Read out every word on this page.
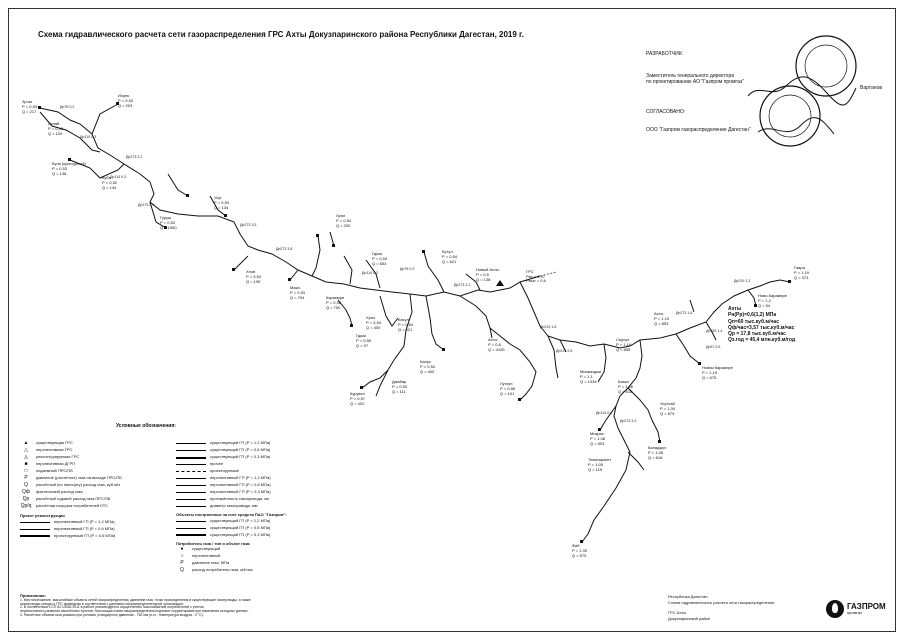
Схема гидравлического расчета сети газораспределения ГРС Ахты Докузпаринского района Республики Дагестан, 2019 г.
Зрчаг
Р = 0,53
Q = 217
Ахпай
Р = 0,53
Q = 100
Ихрек
Р = 0,53
Q = 203
Кули (культурный)
Р = 0,53
Q = 138
Куба
Р = 0,52
Q = 144
Гуруш
Р = 0,53
Q = 1550
Усуг
Р = 0,53
Q = 134
Хнов
Р = 0,54
Q = 195
Мака
Р = 0,53
Q = 754
Хрюг
Р = 0,54
Q = 200
Каракюре
Р = 0,58
Q = 750
Гдым
Р = 0,54
Q = 653
Кахул
Р = 0,54
Q = 621
Бутул
Р = 0,54
Q = 621
Новый Ахты
Р = 0,5
Q = 138
Хрюг
Р = 0,54
Q = 400
Гдым
Р = 0,56
Q = 97
Калук
Р = 0,54
Q = 400
Курукал
Р = 0,57
Q = 402
Джабар
Р = 0,53
Q = 111
Ахты
Р = 0,6
Q = 4155
Луткун
Р = 0,58
Q = 101
Мискинджа
Р = 1,1
Q = 1034
Ахты
Р = 1,19
Q = 853
Смугул
Р = 1,16
Q = 855
Ново-Каракюре
Р = 1,2
Q = 54
Гаара
Р = 1,19
Q = 373
Новая Каракюре
Р = 1,19
Q = 675
Микрах
Р = 1,08
Q = 503
Текипиркент
Р = 1,05
Q = 119
Фий
Р = 1,05
Q = 675
Усухчай
Р = 1,04
Q = 879
Каладжух
Р = 1,06
Q = 618
Кахка
Р = 1,06
Q = 618
Дн76 0,2
Дн110 0,3
Дн114 0,3
Дн273 2,2
Дн273 5,4
Дн273 3,5
Дн273 3,6
Дн114 0,2
Дн76 0,3
Дн273 2,1
Дн219 1,8
Дн219 2,5
Дн273 1,6
Дн159 1,4
Дн114 0,4
Дн273 3,3
Дн219 1,3
Дн57 0,5
ГРС
Рвх = 0,97
Рвых = 0,6
Ахты
Рн(Рр)=0,6(1,2) МПа
Qп=60 тыс.куб.м/час
Qф/час=3,57 тыс.куб.м/час
Qр = 17,8 тыс.куб.м/час
Qз.год = 45,4 млн.куб.м/год
РАЗРАБОТЧИК:
Заместитель генерального директора
по проектированию АО "Газпром промгаз"
Вартанов
СОГЛАСОВАНО:
ООО "Газпром газораспределение Дагестан"
Условные обозначения:
▲	существующая ГРС
△	перспективная ГРС
◬	реконструируемая ГРС
■	перспективная ДГРП
□	подземный ПРС/ПБ
Р	давление (расчётное) газа на выходе ПРС/ПБ
Q	расчётный (по паспорту) расход газа, куб.м/ч
Qф	фактический расход газа
Qр	расчётный годовой расход газа ПРС/ПБ
Qр/q расчётная нагрузка потребителей ГРС
Проект реконструкции
перспективный ГП (Р = 1,2 МПа)
перспективный ГП (Р = 0,6 МПа)
проектируемый ГП (Р = 0,6 МПа)
существующий ГП (Р = 1,2 МПа)
существующий ГП (Р = 0,6 МПа)
существующий ГП (Р = 0,3 МПа)
прочее
проектируемые
перспективный ГП (Р = 1,2 МПа)
перспективный ГП (Р = 0,6 МПа)
перспективный ГП (Р = 0,3 МПа)
протяжённость газопровода, км
диаметр газопровода, мм
Объекты построенные за счет средств ПАО "Газпром":
существующий ГП (Р = 1,2 МПа)
существующий ГП (Р = 0,6 МПа)
существующий ГП (Р = 0,3 МПа)
Потребитель газа / тип и объект газа:
●	существующий
○	перспективный
Р	давление газа, МПа
Q	расход потребителя газа, м3/час
Примечания:
1. Местоположение, масштабные объекты сетей газораспределения, давление газа, точки присоединения в существующие газопроводы, а также
газопроводы-отводы и ГРС приведены в соответствии с данными газораспределительной организации.
2. В соответствии с СП 62.13330.2011 в работе рекомендуется осуществлять газоснабжение потребителей с учетом
перспективного развития населённых пунктов. Настоящая схема газораспределения подлежит корректировке при изменении исходных данных.
3. Расчётные объемы газа указаны при условии (стандартное давление - 760 мм рт.ст., температура воздуха - 0 °С).
Республика Дагестан
Схема гидравлического расчета сети газораспределения
ГРС Ахты
Докузпаринский район
ГАЗПРОМ
промгаз
